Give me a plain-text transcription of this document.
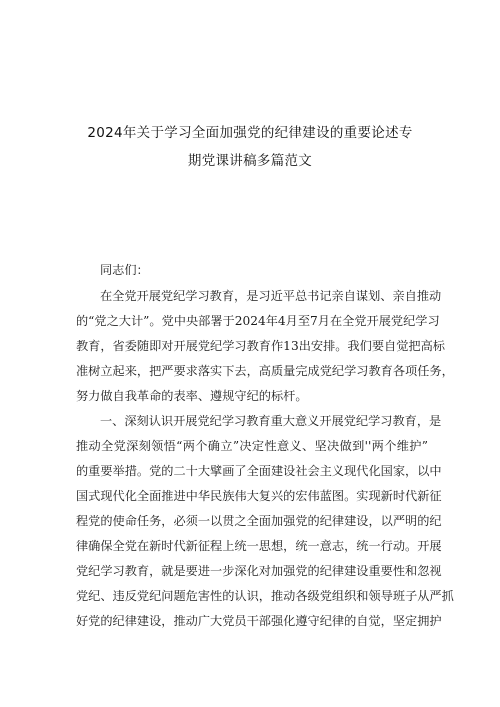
2024年关于学习全面加强党的纪律建设的重要论述专
期党课讲稿多篇范文
同志们：
在全党开展党纪学习教育，是习近平总书记亲自谋划、亲自推动
的“党之大计”。党中央部署于2024年4月至7月在全党开展党纪学习
教育，省委随即对开展党纪学习教育作13出安排。我们要自觉把高标
准树立起来，把严要求落实下去，高质量完成党纪学习教育各项任务，
努力做自我革命的表率、遵规守纪的标杆。
一、深刻认识开展党纪学习教育重大意义开展党纪学习教育，是
推动全党深刻领悟“两个确立”决定性意义、坚决做到''两个维护”
的重要举措。党的二十大擘画了全面建设社会主义现代化国家，以中
国式现代化全面推进中华民族伟大复兴的宏伟蓝图。实现新时代新征
程党的使命任务，必须一以贯之全面加强党的纪律建设，以严明的纪
律确保全党在新时代新征程上统一思想，统一意志，统一行动。开展
党纪学习教育，就是要进一步深化对加强党的纪律建设重要性和忽视
党纪、违反党纪问题危害性的认识，推动各级党组织和领导班子从严抓
好党的纪律建设，推动广大党员干部强化遵守纪律的自觉，坚定拥护
